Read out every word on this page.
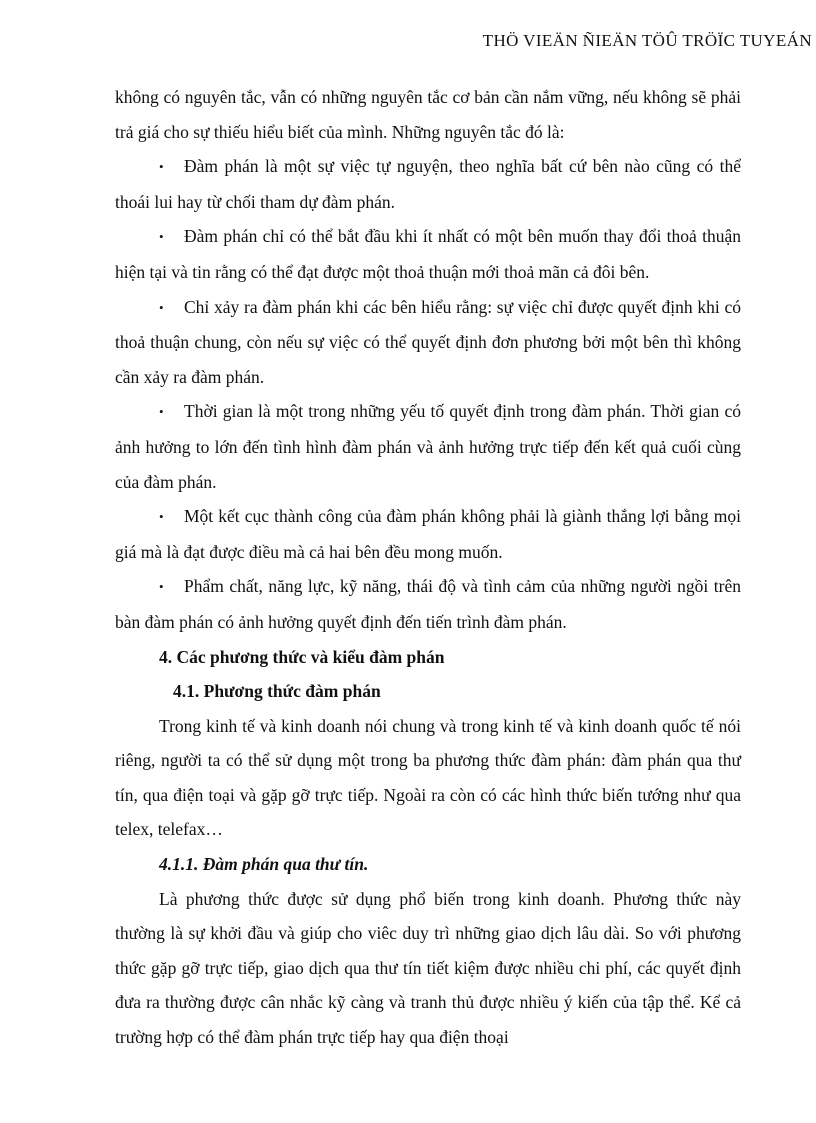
THÖ VIEÄN ÑIEÄN TÖÛ TRÖÏC TUYEÁN

không có nguyên tắc, vẫn có những nguyên tắc cơ bản cần nắm vững, nếu không sẽ phải trả giá cho sự thiếu hiểu biết của mình. Những nguyên tắc đó là:

• Đàm phán là một sự việc tự nguyện, theo nghĩa bất cứ bên nào cũng có thể thoái lui hay từ chối tham dự đàm phán.

• Đàm phán chỉ có thể bắt đầu khi ít nhất có một bên muốn thay đổi thoả thuận hiện tại và tin rằng có thể đạt được một thoả thuận mới thoả mãn cả đôi bên.

• Chỉ xảy ra đàm phán khi các bên hiểu rằng: sự việc chỉ được quyết định khi có thoả thuận chung, còn nếu sự việc có thể quyết định đơn phương bởi một bên thì không cần xảy ra đàm phán.

• Thời gian là một trong những yếu tố quyết định trong đàm phán. Thời gian có ảnh hưởng to lớn đến tình hình đàm phán và ảnh hưởng trực tiếp đến kết quả cuối cùng của đàm phán.

• Một kết cục thành công của đàm phán không phải là giành thắng lợi bằng mọi giá mà là đạt được điều mà cả hai bên đều mong muốn.

• Phẩm chất, năng lực, kỹ năng, thái độ và tình cảm của những người ngồi trên bàn đàm phán có ảnh hưởng quyết định đến tiến trình đàm phán.

4. Các phương thức và kiểu đàm phán

4.1. Phương thức đàm phán

Trong kinh tế và kinh doanh nói chung và trong kinh tế và kinh doanh quốc tế nói riêng, người ta có thể sử dụng một trong ba phương thức đàm phán: đàm phán qua thư tín, qua điện toại và gặp gỡ trực tiếp. Ngoài ra còn có các hình thức biến tướng như qua telex, telefax…

4.1.1. Đàm phán qua thư tín.

Là phương thức được sử dụng phổ biến trong kinh doanh. Phương thức này thường là sự khởi đầu và giúp cho viêc duy trì những giao dịch lâu dài. So với phương thức gặp gỡ trực tiếp, giao dịch qua thư tín tiết kiệm được nhiều chi phí, các quyết định đưa ra thường được cân nhắc kỹ càng và tranh thủ được nhiều ý kiến của tập thể. Kể cả trường hợp có thể đàm phán trực tiếp hay qua điện thoại
